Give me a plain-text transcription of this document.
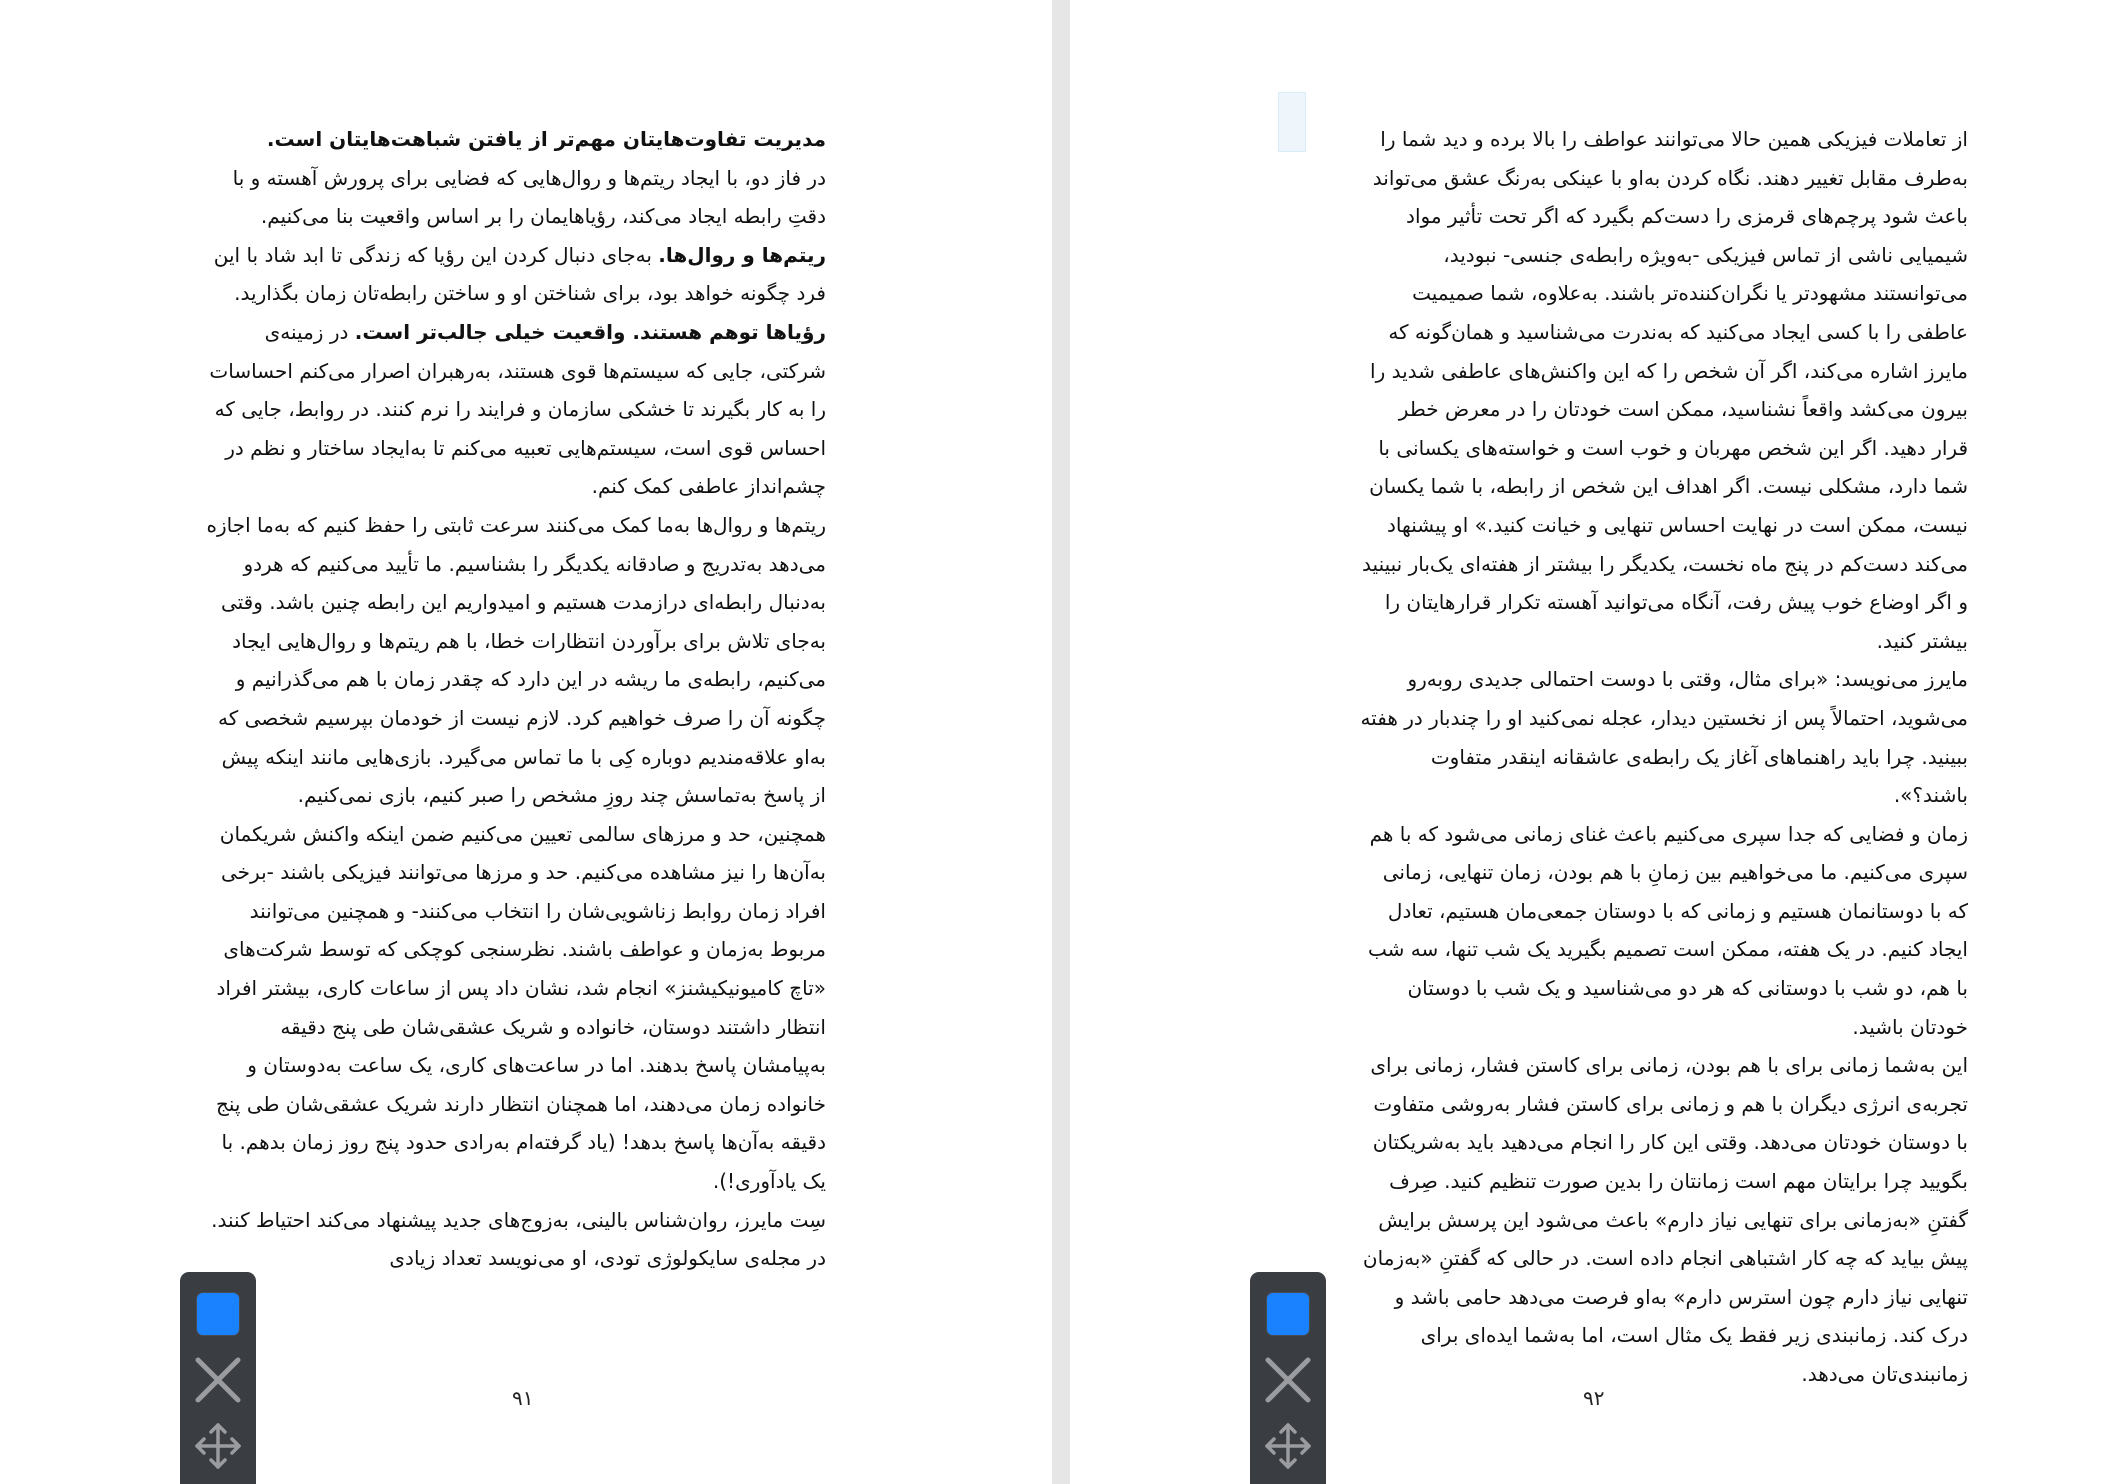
مدیریت تفاوت‌هایتان مهم‌تر از یافتن شباهت‌هایتان است.

در فاز دو، با ایجاد ریتم‌ها و روال‌هایی که فضایی برای پرورش آهسته و با دقتِ رابطه ایجاد می‌کند، رؤیاهایمان را بر اساس واقعیت بنا می‌کنیم.

ریتم‌ها و روال‌ها. به‌جای دنبال کردن این رؤیا که زندگی تا ابد شاد با این فرد چگونه خواهد بود، برای شناختن او و ساختن رابطه‌تان زمان بگذارید. رؤیاها توهم هستند. واقعیت خیلی جالب‌تر است. در زمینه‌ی شرکتی، جایی که سیستم‌ها قوی هستند، به‌رهبران اصرار می‌کنم احساسات را به کار بگیرند تا خشکی سازمان و فرایند را نرم کنند. در روابط، جایی که احساس قوی است، سیستم‌هایی تعبیه می‌کنم تا به‌ایجاد ساختار و نظم در چشم‌انداز عاطفی کمک کنم.

ریتم‌ها و روال‌ها به‌ما کمک می‌کنند سرعت ثابتی را حفظ کنیم که به‌ما اجازه می‌دهد به‌تدریج و صادقانه یکدیگر را بشناسیم. ما تأیید می‌کنیم که هردو به‌دنبال رابطه‌ای درازمدت هستیم و امیدواریم این رابطه چنین باشد. وقتی به‌جای تلاش برای برآوردن انتظارات خطا، با هم ریتم‌ها و روال‌هایی ایجاد می‌کنیم، رابطه‌ی ما ریشه در این دارد که چقدر زمان با هم می‌گذرانیم و چگونه آن را صرف خواهیم کرد. لازم نیست از خودمان بپرسیم شخصی که به‌او علاقه‌مندیم دوباره کِی با ما تماس می‌گیرد. بازی‌هایی مانند اینکه پیش از پاسخ به‌تماسش چند روزِ مشخص را صبر کنیم، بازی نمی‌کنیم.

همچنین، حد و مرزهای سالمی تعیین می‌کنیم ضمن اینکه واکنش شریکمان به‌آن‌ها را نیز مشاهده می‌کنیم. حد و مرزها می‌توانند فیزیکی باشند -برخی افراد زمان روابط زناشویی‌شان را انتخاب می‌کنند- و همچنین می‌توانند مربوط به‌زمان و عواطف باشند. نظرسنجی کوچکی که توسط شرکت‌های «تاچ کامیونیکیشنز» انجام شد، نشان داد پس از ساعات کاری، بیشتر افراد انتظار داشتند دوستان، خانواده و شریک عشقی‌شان طی پنج دقیقه به‌پیامشان پاسخ بدهند. اما در ساعت‌های کاری، یک ساعت به‌دوستان و خانواده زمان می‌دهند، اما همچنان انتظار دارند شریک عشقی‌شان طی پنج دقیقه به‌آن‌ها پاسخ بدهد! (یاد گرفته‌ام به‌رادی حدود پنج روز زمان بدهم. با یک یادآوری!).

سِت مایرز، روان‌شناس بالینی، به‌زوج‌های جدید پیشنهاد می‌کند احتیاط کنند. در مجله‌ی سایکولوژی تودی، او می‌نویسد تعداد زیادی

۹۱

از تعاملات فیزیکی همین حالا می‌توانند عواطف را بالا برده و دید شما را به‌طرف مقابل تغییر دهند. نگاه کردن به‌او با عینکی به‌رنگ عشق می‌تواند باعث شود پرچم‌های قرمزی را دست‌کم بگیرد که اگر تحت تأثیر مواد شیمیایی ناشی از تماس فیزیکی -به‌ویژه رابطه‌ی جنسی- نبودید، می‌توانستند مشهودتر یا نگران‌کننده‌تر باشند. به‌علاوه، شما صمیمیت عاطفی را با کسی ایجاد می‌کنید که به‌ندرت می‌شناسید و همان‌گونه که مایرز اشاره می‌کند، اگر آن شخص را که این واکنش‌های عاطفی شدید را بیرون می‌کشد واقعاً نشناسید، ممکن است خودتان را در معرض خطر قرار دهید. اگر این شخص مهربان و خوب است و خواسته‌های یکسانی با شما دارد، مشکلی نیست. اگر اهداف این شخص از رابطه، با شما یکسان نیست، ممکن است در نهایت احساس تنهایی و خیانت کنید.» او پیشنهاد می‌کند دست‌کم در پنج ماه نخست، یکدیگر را بیشتر از هفته‌ای یک‌بار نبینید و اگر اوضاع خوب پیش رفت، آنگاه می‌توانید آهسته تکرار قرارهایتان را بیشتر کنید.

مایرز می‌نویسد: «برای مثال، وقتی با دوست احتمالی جدیدی روبه‌رو می‌شوید، احتمالاً پس از نخستین دیدار، عجله نمی‌کنید او را چندبار در هفته ببینید. چرا باید راهنماهای آغاز یک رابطه‌ی عاشقانه اینقدر متفاوت باشند؟».

زمان و فضایی که جدا سپری می‌کنیم باعث غنای زمانی می‌شود که با هم سپری می‌کنیم. ما می‌خواهیم بین زمانِ با هم بودن، زمان تنهایی، زمانی که با دوستانمان هستیم و زمانی که با دوستان جمعی‌مان هستیم، تعادل ایجاد کنیم. در یک هفته، ممکن است تصمیم بگیرید یک شب تنها، سه شب با هم، دو شب با دوستانی که هر دو می‌شناسید و یک شب با دوستان خودتان باشید.

این به‌شما زمانی برای با هم بودن، زمانی برای کاستن فشار، زمانی برای تجربه‌ی انرژی دیگران با هم و زمانی برای کاستن فشار به‌روشی متفاوت با دوستان خودتان می‌دهد. وقتی این کار را انجام می‌دهید باید به‌شریکتان بگویید چرا برایتان مهم است زمانتان را بدین صورت تنظیم کنید. صِرف گفتنِ «به‌زمانی برای تنهایی نیاز دارم» باعث می‌شود این پرسش برایش پیش بیاید که چه کار اشتباهی انجام داده است. در حالی که گفتنِ «به‌زمان تنهایی نیاز دارم چون استرس دارم» به‌او فرصت می‌دهد حامی باشد و درک کند. زمانبندی زیر فقط یک مثال است، اما به‌شما ایده‌ای برای زمانبندی‌تان می‌دهد.

۹۲
